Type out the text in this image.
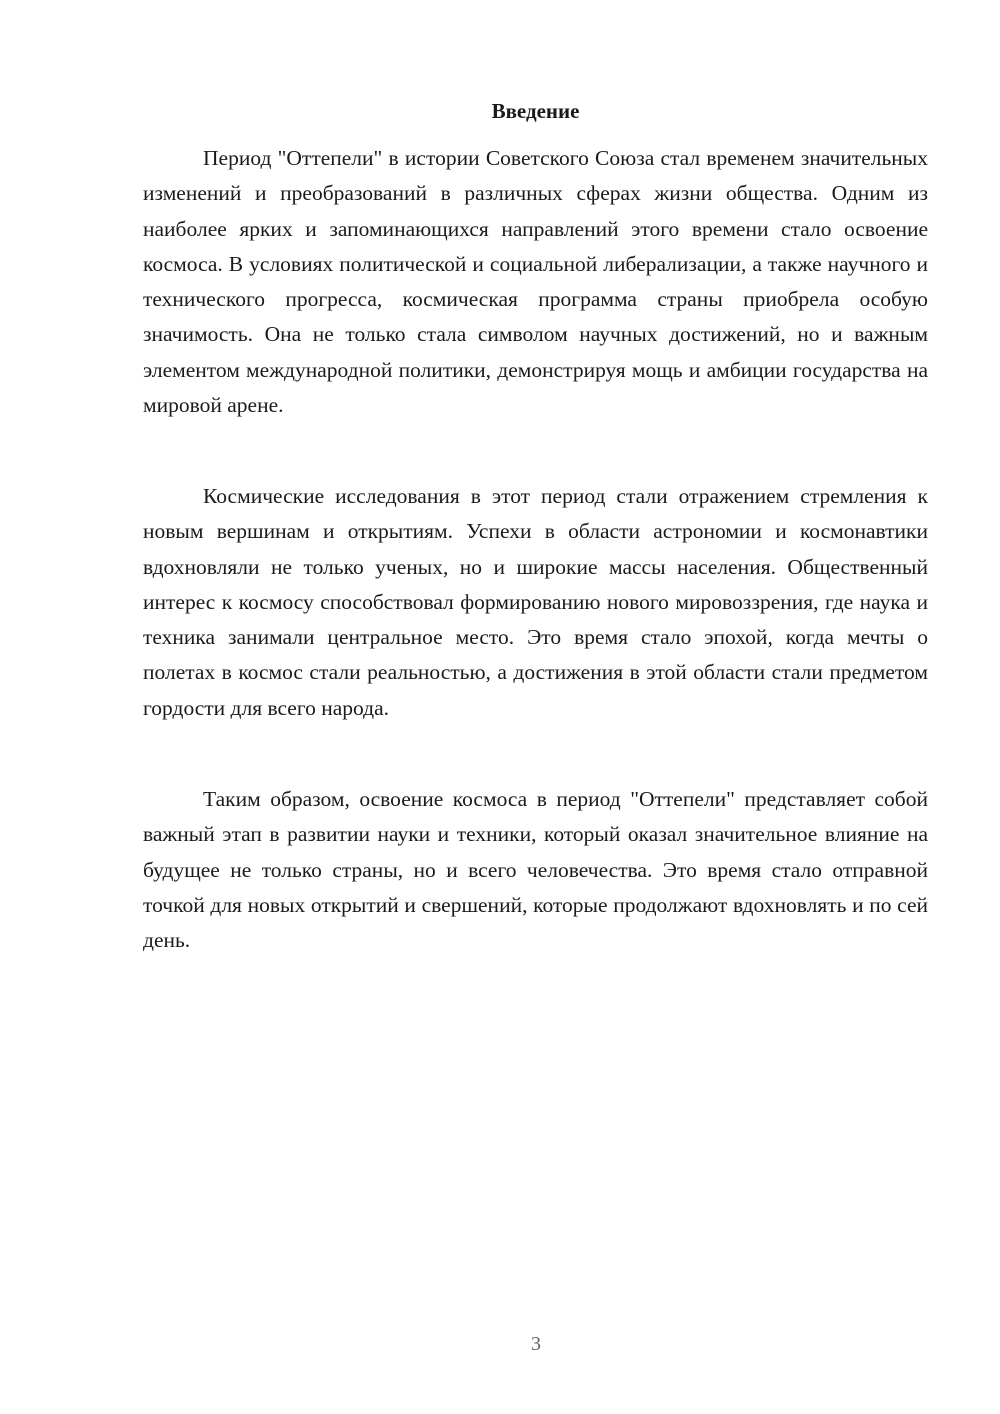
Введение

Период "Оттепели" в истории Советского Союза стал временем значительных изменений и преобразований в различных сферах жизни общества. Одним из наиболее ярких и запоминающихся направлений этого времени стало освоение космоса. В условиях политической и социальной либерализации, а также научного и технического прогресса, космическая программа страны приобрела особую значимость. Она не только стала символом научных достижений, но и важным элементом международной политики, демонстрируя мощь и амбиции государства на мировой арене.

Космические исследования в этот период стали отражением стремления к новым вершинам и открытиям. Успехи в области астрономии и космонавтики вдохновляли не только ученых, но и широкие массы населения. Общественный интерес к космосу способствовал формированию нового мировоззрения, где наука и техника занимали центральное место. Это время стало эпохой, когда мечты о полетах в космос стали реальностью, а достижения в этой области стали предметом гордости для всего народа.

Таким образом, освоение космоса в период "Оттепели" представляет собой важный этап в развитии науки и техники, который оказал значительное влияние на будущее не только страны, но и всего человечества. Это время стало отправной точкой для новых открытий и свершений, которые продолжают вдохновлять и по сей день.

3
